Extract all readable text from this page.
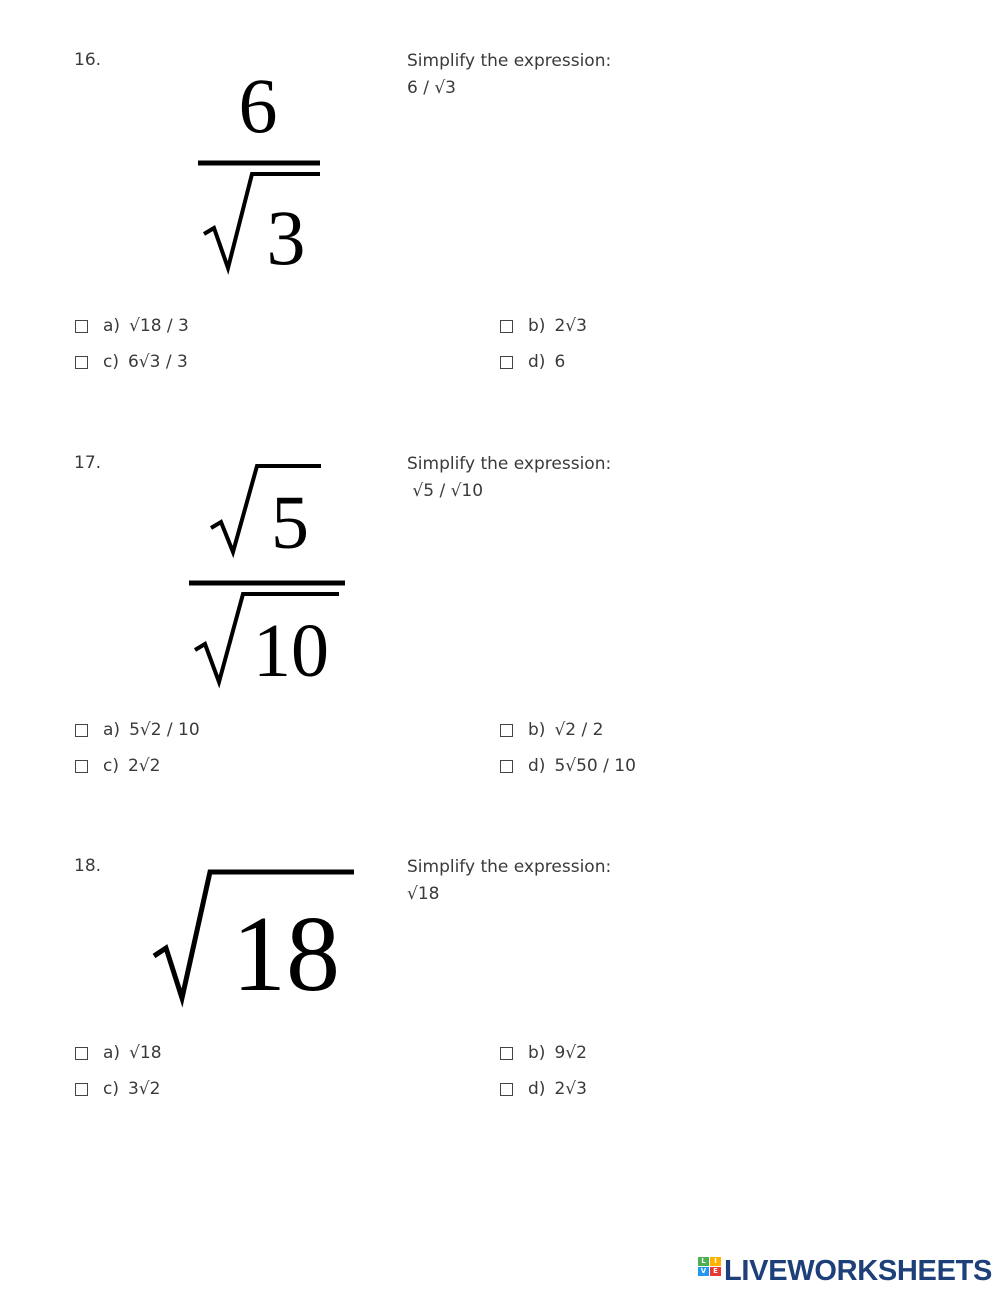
16.
6
3
Simplify the expression:
6 / √3
a) √18 ∕ 3	b) 2√3
c) 6√3 ∕ 3	d) 6
17.
5
10
Simplify the expression:
√5 / √10
a) 5√2 / 10	b) √2 / 2
c) 2√2	d) 5√50 / 10
18.
18
Simplify the expression:
√18
a) √18	b) 9√2
c) 3√2	d) 2√3
L	I
V E LIVEWORKSHEETS
